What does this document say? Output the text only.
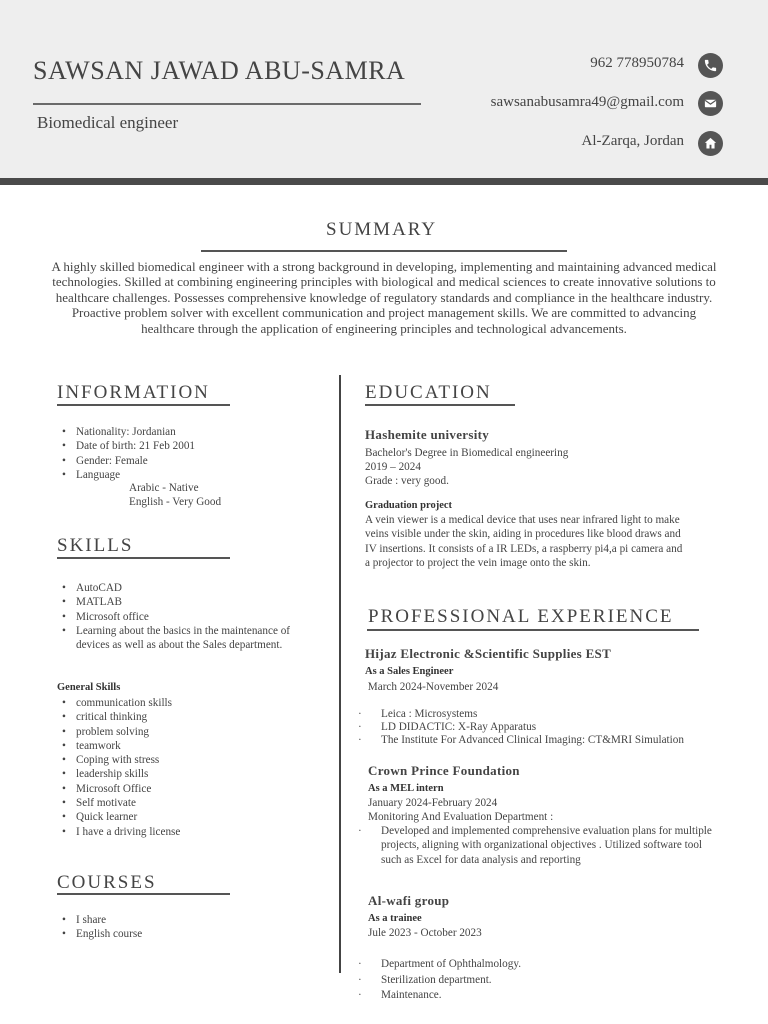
SAWSAN JAWAD ABU-SAMRA
Biomedical engineer
962 778950784
sawsanabusamra49@gmail.com
Al-Zarqa, Jordan
SUMMARY
A highly skilled biomedical engineer with a strong background in developing, implementing and maintaining advanced medical technologies. Skilled at combining engineering principles with biological and medical sciences to create innovative solutions to healthcare challenges. Possesses comprehensive knowledge of regulatory standards and compliance in the healthcare industry. Proactive problem solver with excellent communication and project management skills. We are committed to advancing healthcare through the application of engineering principles and technological advancements.
INFORMATION
• Nationality: Jordanian
• Date of birth: 21 Feb 2001
• Gender: Female
• Language
Arabic - Native
English - Very Good
SKILLS
• AutoCAD
• MATLAB
• Microsoft office
• Learning about the basics in the maintenance of devices as well as about the Sales department.
General Skills
• communication skills
• critical thinking
• problem solving
• teamwork
• Coping with stress
• leadership skills
• Microsoft Office
• Self motivate
• Quick learner
• I have a driving license
COURSES
• I share
• English course
EDUCATION
Hashemite university
Bachelor's Degree in Biomedical engineering
2019 – 2024
Grade : very good.
Graduation project
A vein viewer is a medical device that uses near infrared light to make veins visible under the skin, aiding in procedures like blood draws and IV insertions. It consists of a IR LEDs, a raspberry pi4,a pi camera and a projector to project the vein image onto the skin.
PROFESSIONAL EXPERIENCE
Hijaz Electronic &Scientific Supplies EST
As a Sales Engineer
March 2024-November 2024
· Leica : Microsystems
· LD DIDACTIC: X-Ray Apparatus
· The Institute For Advanced Clinical Imaging: CT&MRI Simulation
Crown Prince Foundation
As a MEL intern
January 2024-February 2024
Monitoring And Evaluation Department :
· Developed and implemented comprehensive evaluation plans for multiple projects, aligning with organizational objectives . Utilized software tool such as Excel for data analysis and reporting
Al-wafi group
As a trainee
Jule 2023 - October 2023
· Department of Ophthalmology.
· Sterilization department.
· Maintenance.
